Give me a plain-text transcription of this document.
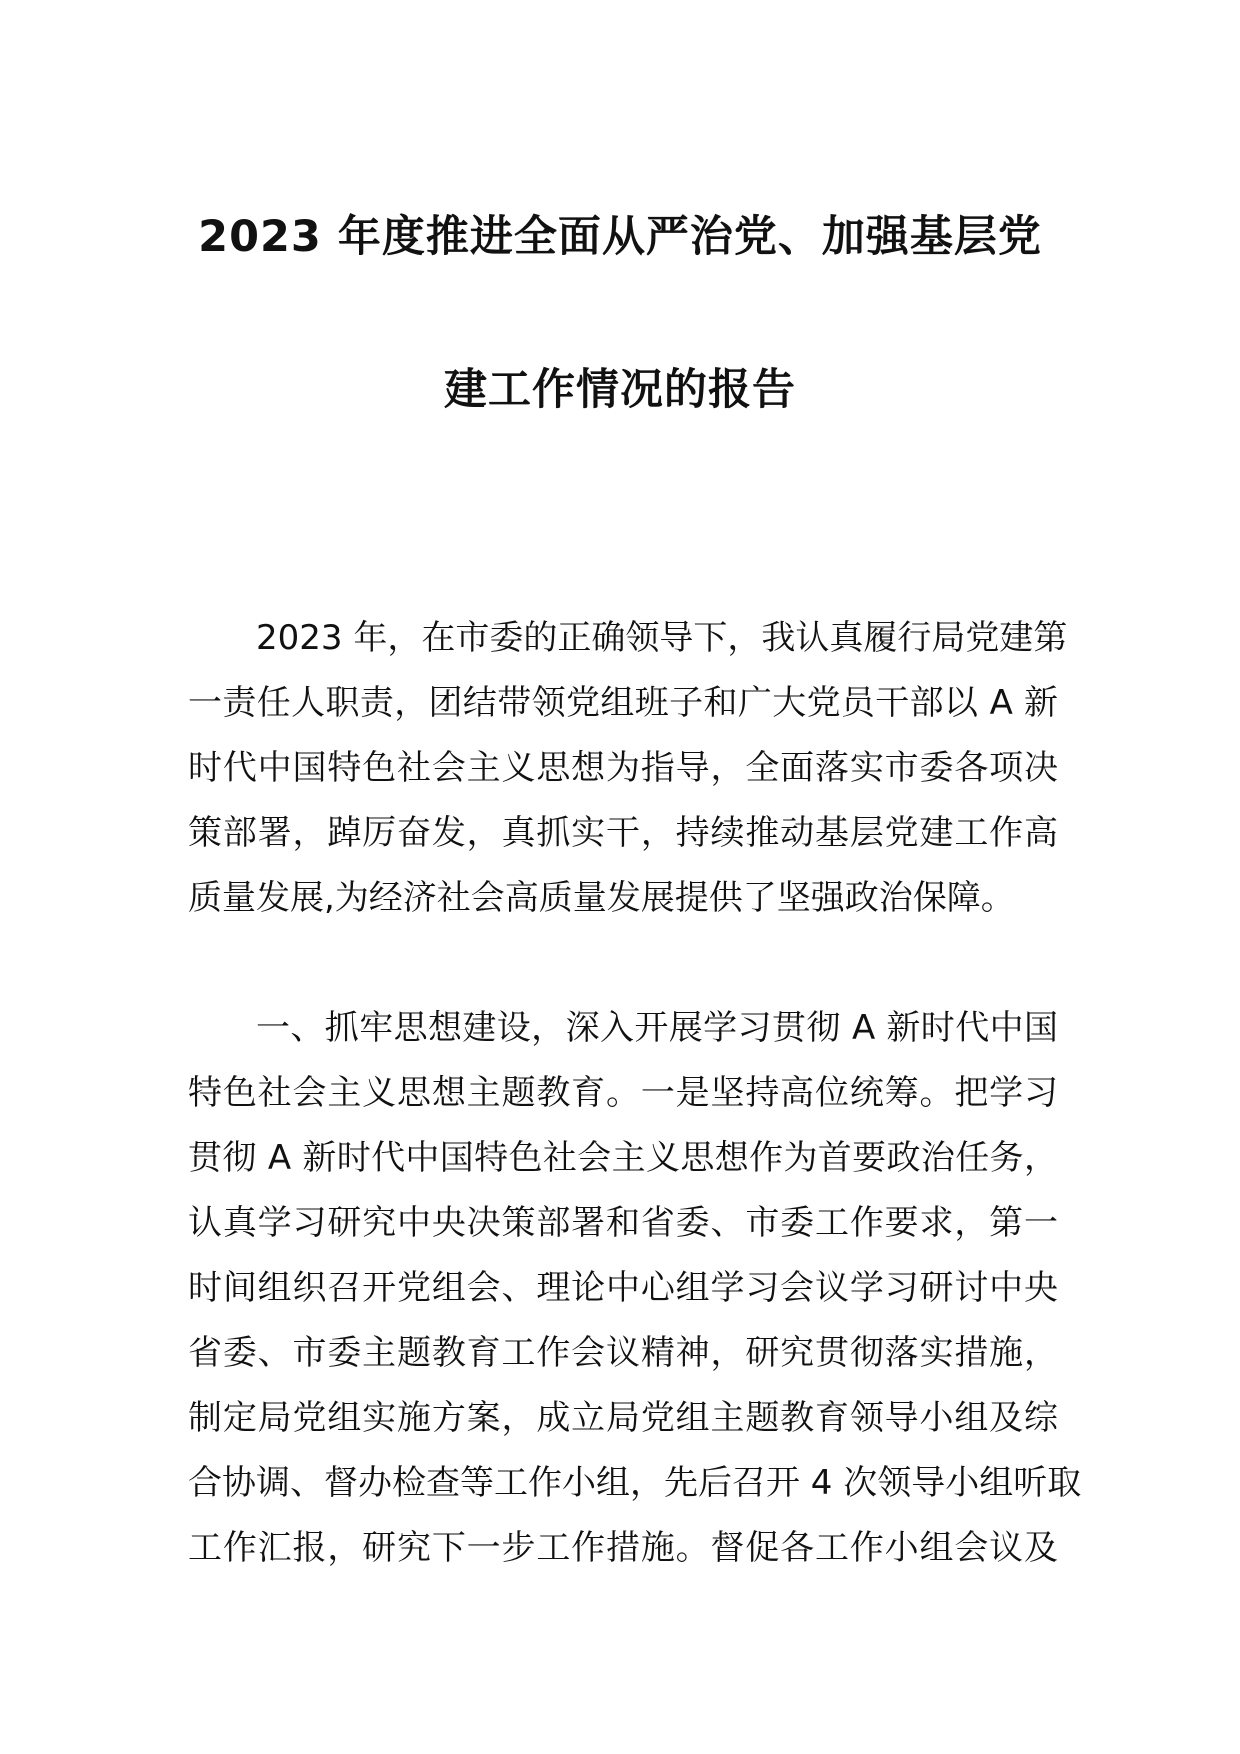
2023 年度推进全面从严治党、加强基层党
建工作情况的报告
2023 年，在市委的正确领导下，我认真履行局党建第
一责任人职责，团结带领党组班子和广大党员干部以 A 新
时代中国特色社会主义思想为指导，全面落实市委各项决
策部署，踔厉奋发，真抓实干，持续推动基层党建工作高
质量发展,为经济社会高质量发展提供了坚强政治保障。
一、抓牢思想建设，深入开展学习贯彻 A 新时代中国
特色社会主义思想主题教育。一是坚持高位统筹。把学习
贯彻 A 新时代中国特色社会主义思想作为首要政治任务，
认真学习研究中央决策部署和省委、市委工作要求，第一
时间组织召开党组会、理论中心组学习会议学习研讨中央
省委、市委主题教育工作会议精神，研究贯彻落实措施，
制定局党组实施方案，成立局党组主题教育领导小组及综
合协调、督办检查等工作小组，先后召开 4 次领导小组听取
工作汇报，研究下一步工作措施。督促各工作小组会议及
